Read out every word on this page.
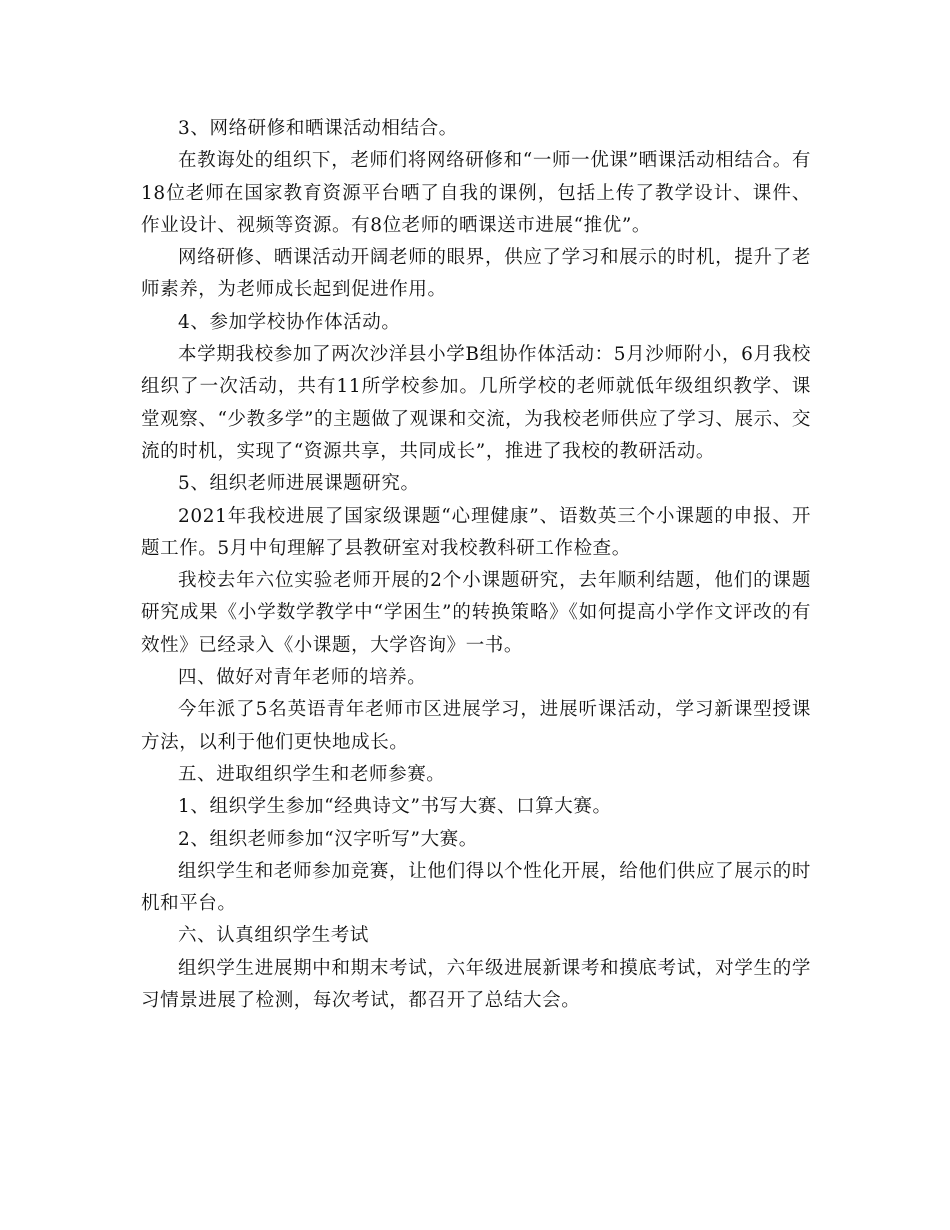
3、网络研修和晒课活动相结合。

在教诲处的组织下，老师们将网络研修和“一师一优课”晒课活动相结合。有18位老师在国家教育资源平台晒了自我的课例，包括上传了教学设计、课件、作业设计、视频等资源。有8位老师的晒课送市进展“推优”。

网络研修、晒课活动开阔老师的眼界，供应了学习和展示的时机，提升了老师素养，为老师成长起到促进作用。

4、参加学校协作体活动。

本学期我校参加了两次沙洋县小学B组协作体活动：5月沙师附小，6月我校组织了一次活动，共有11所学校参加。几所学校的老师就低年级组织教学、课堂观察、“少教多学”的主题做了观课和交流，为我校老师供应了学习、展示、交流的时机，实现了“资源共享，共同成长”，推进了我校的教研活动。

5、组织老师进展课题研究。

2021年我校进展了国家级课题“心理健康”、语数英三个小课题的申报、开题工作。5月中旬理解了县教研室对我校教科研工作检查。

我校去年六位实验老师开展的2个小课题研究，去年顺利结题，他们的课题研究成果《小学数学教学中“学困生”的转换策略》《如何提高小学作文评改的有效性》已经录入《小课题，大学咨询》一书。

四、做好对青年老师的培养。

今年派了5名英语青年老师市区进展学习，进展听课活动，学习新课型授课方法，以利于他们更快地成长。

五、进取组织学生和老师参赛。

1、组织学生参加“经典诗文”书写大赛、口算大赛。

2、组织老师参加“汉字听写”大赛。

组织学生和老师参加竞赛，让他们得以个性化开展，给他们供应了展示的时机和平台。

六、认真组织学生考试

组织学生进展期中和期末考试，六年级进展新课考和摸底考试，对学生的学习情景进展了检测，每次考试，都召开了总结大会。
